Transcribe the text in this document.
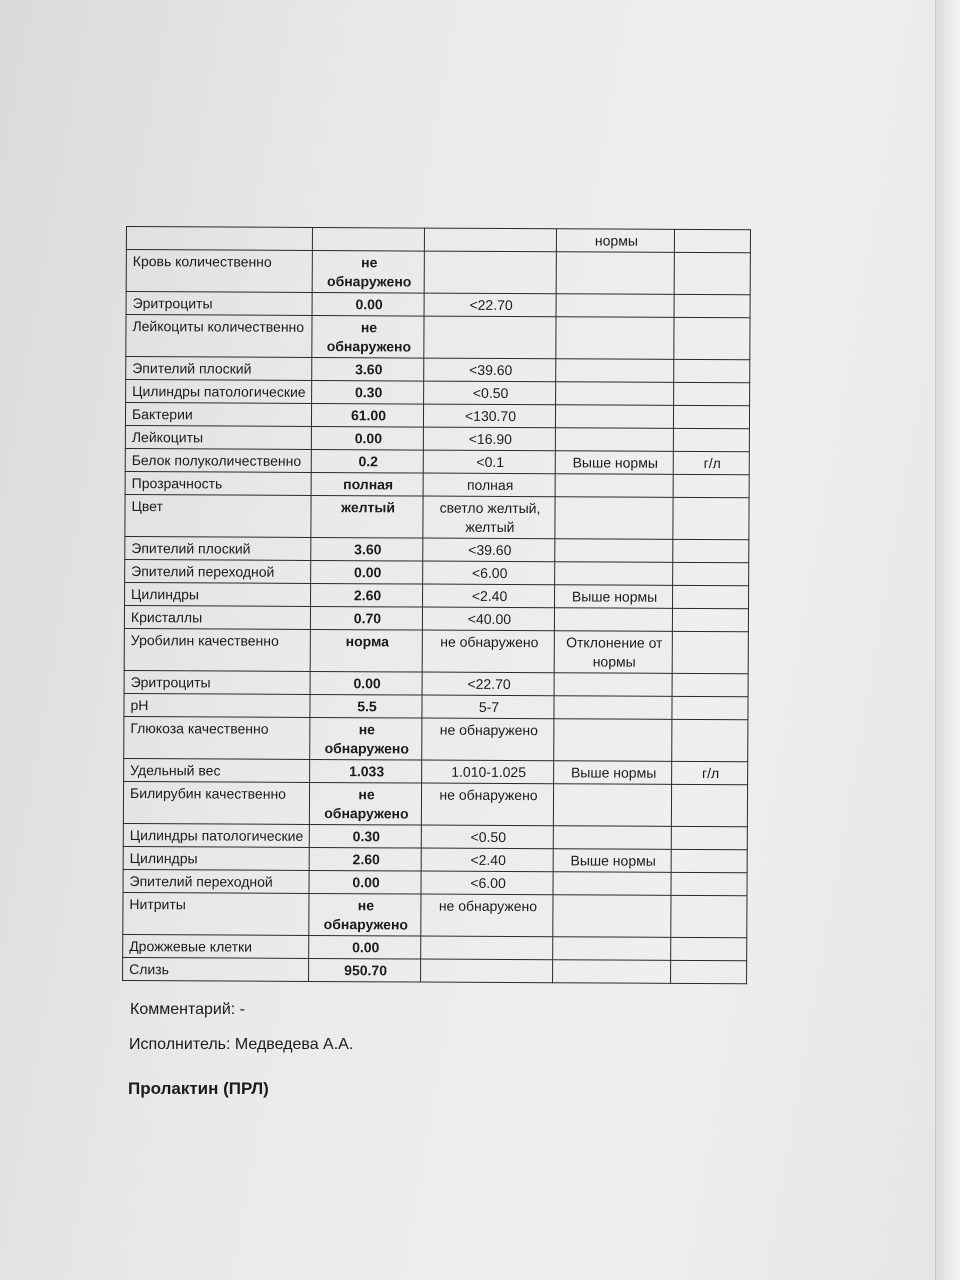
			нормы	
Кровь количественно	не обнаружено			
Эритроциты	0.00	<22.70		
Лейкоциты количественно	не обнаружено			
Эпителий плоский	3.60	<39.60		
Цилиндры патологические	0.30	<0.50		
Бактерии	61.00	<130.70		
Лейкоциты	0.00	<16.90		
Белок полуколичественно	0.2	<0.1	Выше нормы	г/л
Прозрачность	полная	полная		
Цвет	желтый	светло желтый, желтый		
Эпителий плоский	3.60	<39.60		
Эпителий переходной	0.00	<6.00		
Цилиндры	2.60	<2.40	Выше нормы	
Кристаллы	0.70	<40.00		
Уробилин качественно	норма	не обнаружено	Отклонение от нормы	
Эритроциты	0.00	<22.70		
pH	5.5	5-7		
Глюкоза качественно	не обнаружено	не обнаружено		
Удельный вес	1.033	1.010-1.025	Выше нормы	г/л
Билирубин качественно	не обнаружено	не обнаружено		
Цилиндры патологические	0.30	<0.50		
Цилиндры	2.60	<2.40	Выше нормы	
Эпителий переходной	0.00	<6.00		
Нитриты	не обнаружено	не обнаружено		
Дрожжевые клетки	0.00			
Слизь	950.70			
Комментарий: -
Исполнитель: Медведева А.А.
Пролактин (ПРЛ)
